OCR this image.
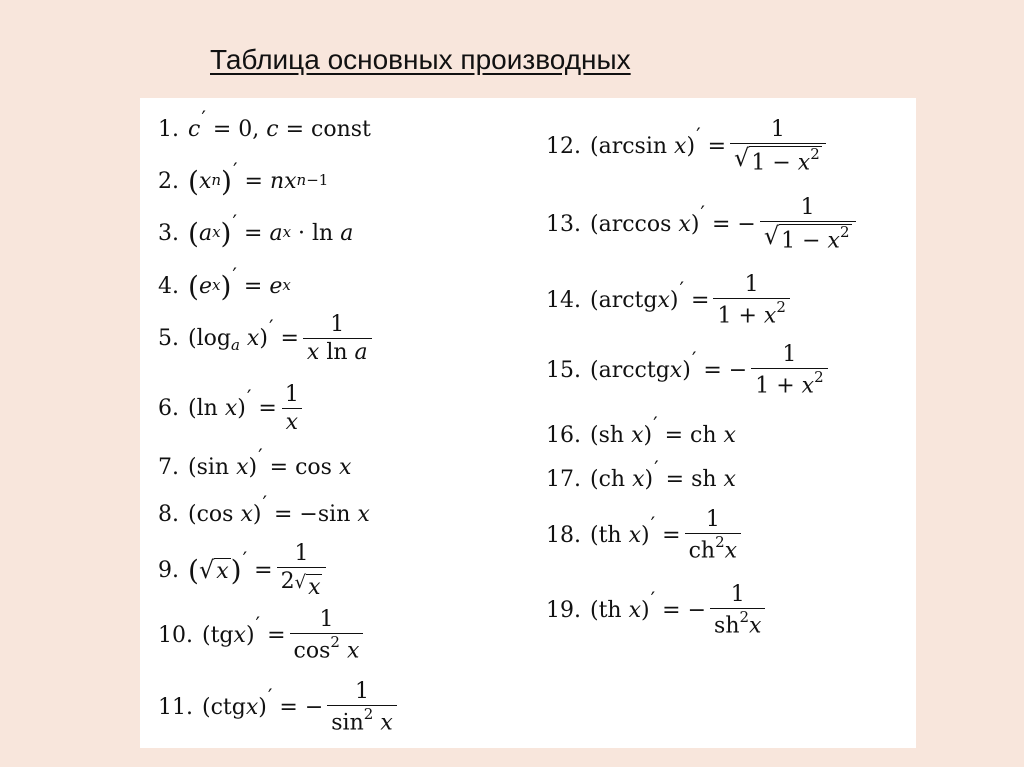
Таблица основных производных
1. c ′ = 0, c = const
2. ( x $^n$ ) ′ = nx $^{n-1}$
3. ( a $^x$ ) ′ = a $^x$ · ln
a
4. ( e $^x$ ) ′ = e $^x$
5. ( log a
x ) ′ = $\frac{1}{\text{x ln a}}$
6. ( ln
x ) ′ = $\frac{1}{x}$
7. ( sin
x ) ′ = cos
x
8. ( cos
x ) ′ = − sin
x
9. ( √ x ) ′ = $\frac{1}{2 √ x}$
10. ( tg x ) ′ = $\frac{1}{\cos^2 x}$
11. ( ctg x ) ′ = − $\frac{1}{\sin^2 x}$
12. ( arcsin
x ) ′ = $\frac{1}{√ 1 - x^2}$
13. ( arccos
x ) ′ = − $\frac{1}{√ 1 - x^2}$
14. ( arctg x ) ′ = $\frac{1}{1 + x^2}$
15. ( arcctg x ) ′ = − $\frac{1}{1 + x^2}$
16. ( sh
x ) ′ = ch
x
17. ( ch
x ) ′ = sh
x
18. ( th
x ) ′ = $\frac{1}{ch^2x}$
19. ( th
x ) ′ = − $\frac{1}{sh^2x}$
